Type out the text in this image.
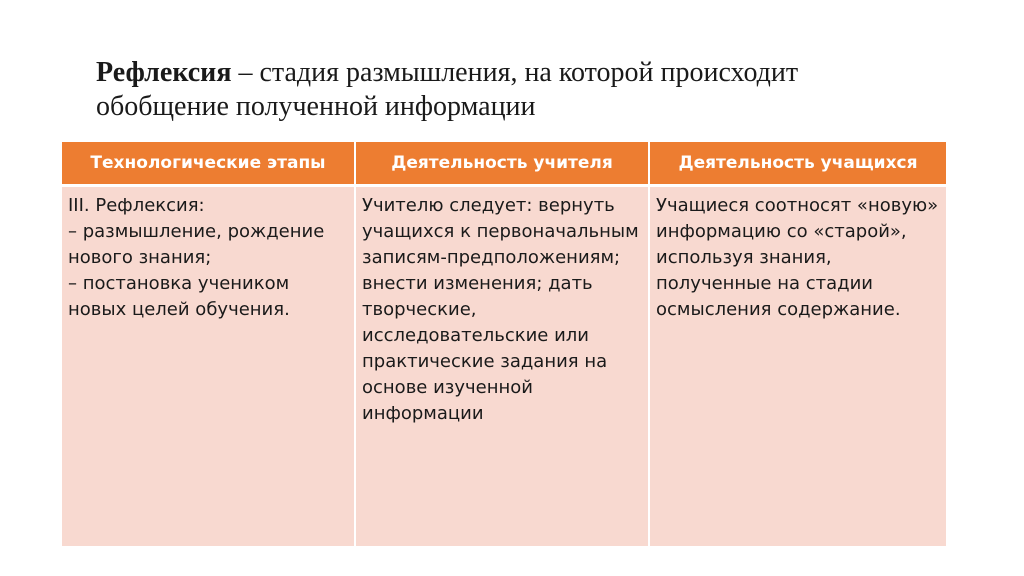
Рефлексия – стадия размышления, на которой происходит обобщение полученной информации
Технологические этапы	Деятельность учителя	Деятельность учащихся

III. Рефлексия:
– размышление, рождение нового знания;
– постановка учеником новых целей обучения.	Учителю следует: вернуть учащихся к первоначальным записям-предположениям; внести изменения; дать творческие, исследовательские или практические задания на основе изученной информации	Учащиеся соотносят «новую» информацию со «старой», используя знания, полученные на стадии осмысления содержание.
